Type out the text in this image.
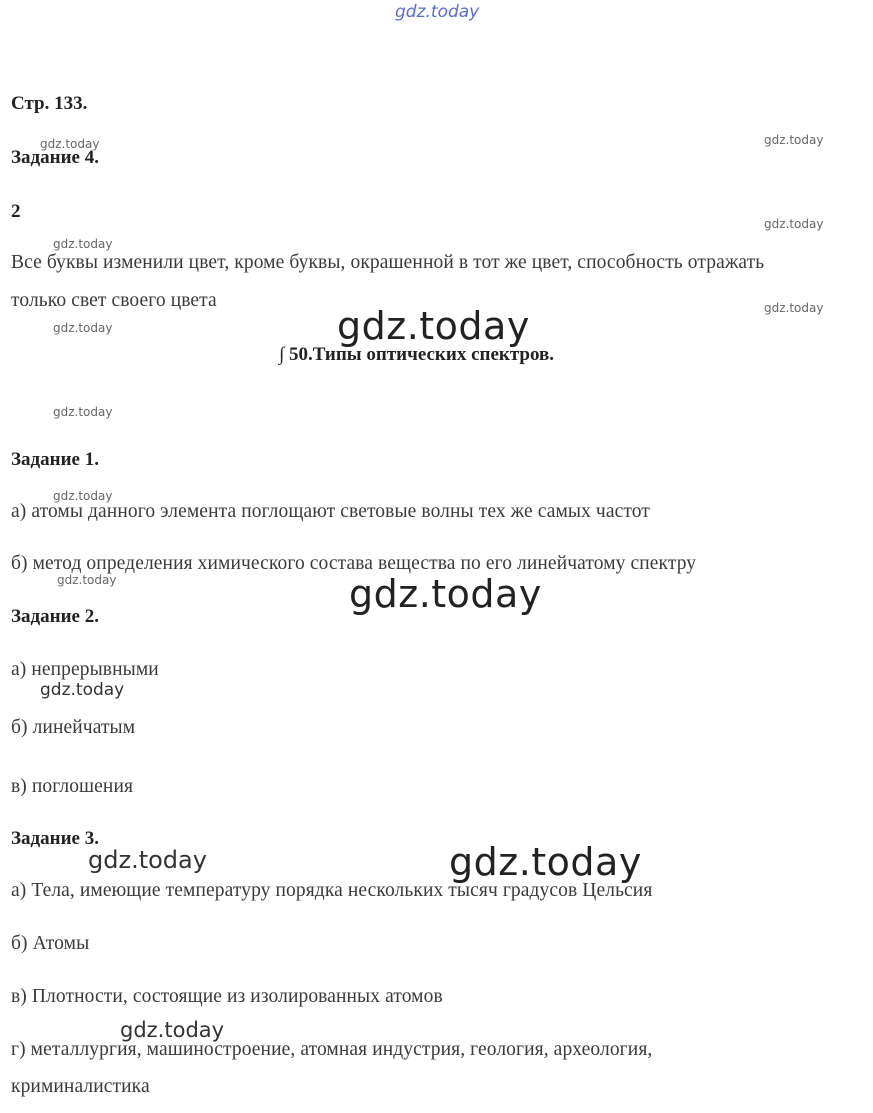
gdz.today
Стр. 133.
gdz.today	gdz.today
Задание 4.
2
gdz.today
gdz.today
Все буквы изменили цвет, кроме буквы, окрашенной в тот же цвет, способность отражать
только свет своего цвета	gdz.today
gdz.today	gdz.today
∫ 50.Типы оптических спектров.
gdz.today
Задание 1.
gdz.today
а) атомы данного элемента поглощают световые волны тех же самых частот
б) метод определения химического состава вещества по его линейчатому спектру
gdz.today	gdz.today
Задание 2.
а) непрерывными
gdz.today
б) линейчатым
в) поглошения
Задание 3.
gdz.today	gdz.today
а) Тела, имеющие температуру порядка нескольких тысяч градусов Цельсия
б) Атомы
в) Плотности, состоящие из изолированных атомов
gdz.today
г) металлургия, машиностроение, атомная индустрия, геология, археология,
криминалистика
